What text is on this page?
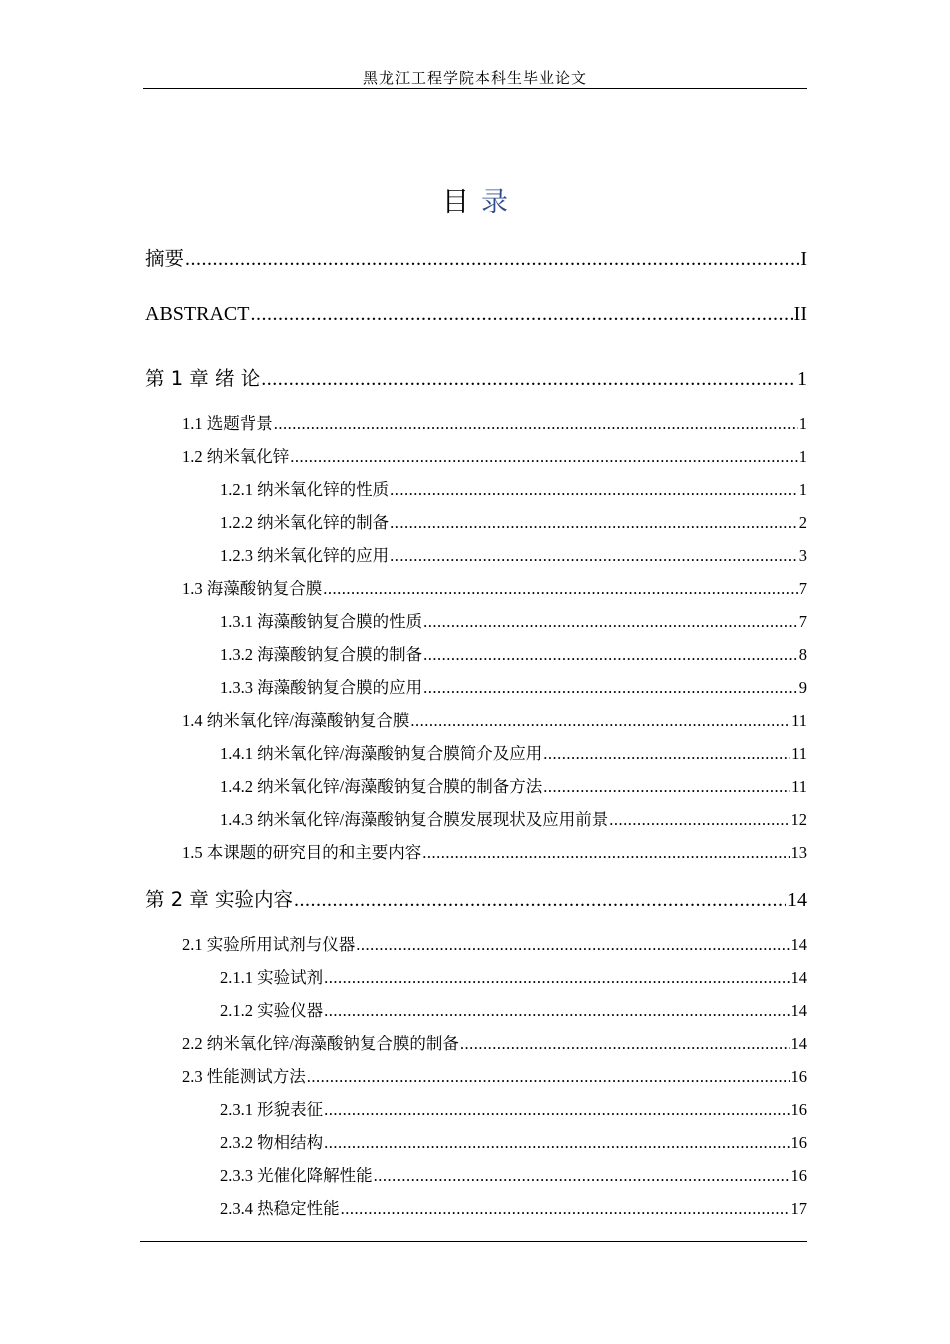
黑龙江工程学院本科生毕业论文
目 录
摘要 .....	I
ABSTRACT .....	II
第 1 章 绪 论 .....	1
1.1 选题背景 .....	1
1.2 纳米氧化锌 .....	1
1.2.1 纳米氧化锌的性质 .....	1
1.2.2 纳米氧化锌的制备 .....	2
1.2.3 纳米氧化锌的应用 .....	3
1.3 海藻酸钠复合膜 .....	7
1.3.1 海藻酸钠复合膜的性质 .....	7
1.3.2 海藻酸钠复合膜的制备 .....	8
1.3.3 海藻酸钠复合膜的应用 .....	9
1.4 纳米氧化锌/海藻酸钠复合膜 .....	11
1.4.1 纳米氧化锌/海藻酸钠复合膜简介及应用 .....	11
1.4.2 纳米氧化锌/海藻酸钠复合膜的制备方法 .....	11
1.4.3 纳米氧化锌/海藻酸钠复合膜发展现状及应用前景 .....	12
1.5 本课题的研究目的和主要内容 .....	13
第 2 章 实验内容 .....	14
2.1 实验所用试剂与仪器 .....	14
2.1.1 实验试剂 .....	14
2.1.2 实验仪器 .....	14
2.2 纳米氧化锌/海藻酸钠复合膜的制备 .....	14
2.3 性能测试方法 .....	16
2.3.1 形貌表征 .....	16
2.3.2 物相结构 .....	16
2.3.3 光催化降解性能 .....	16
2.3.4 热稳定性能 .....	17
